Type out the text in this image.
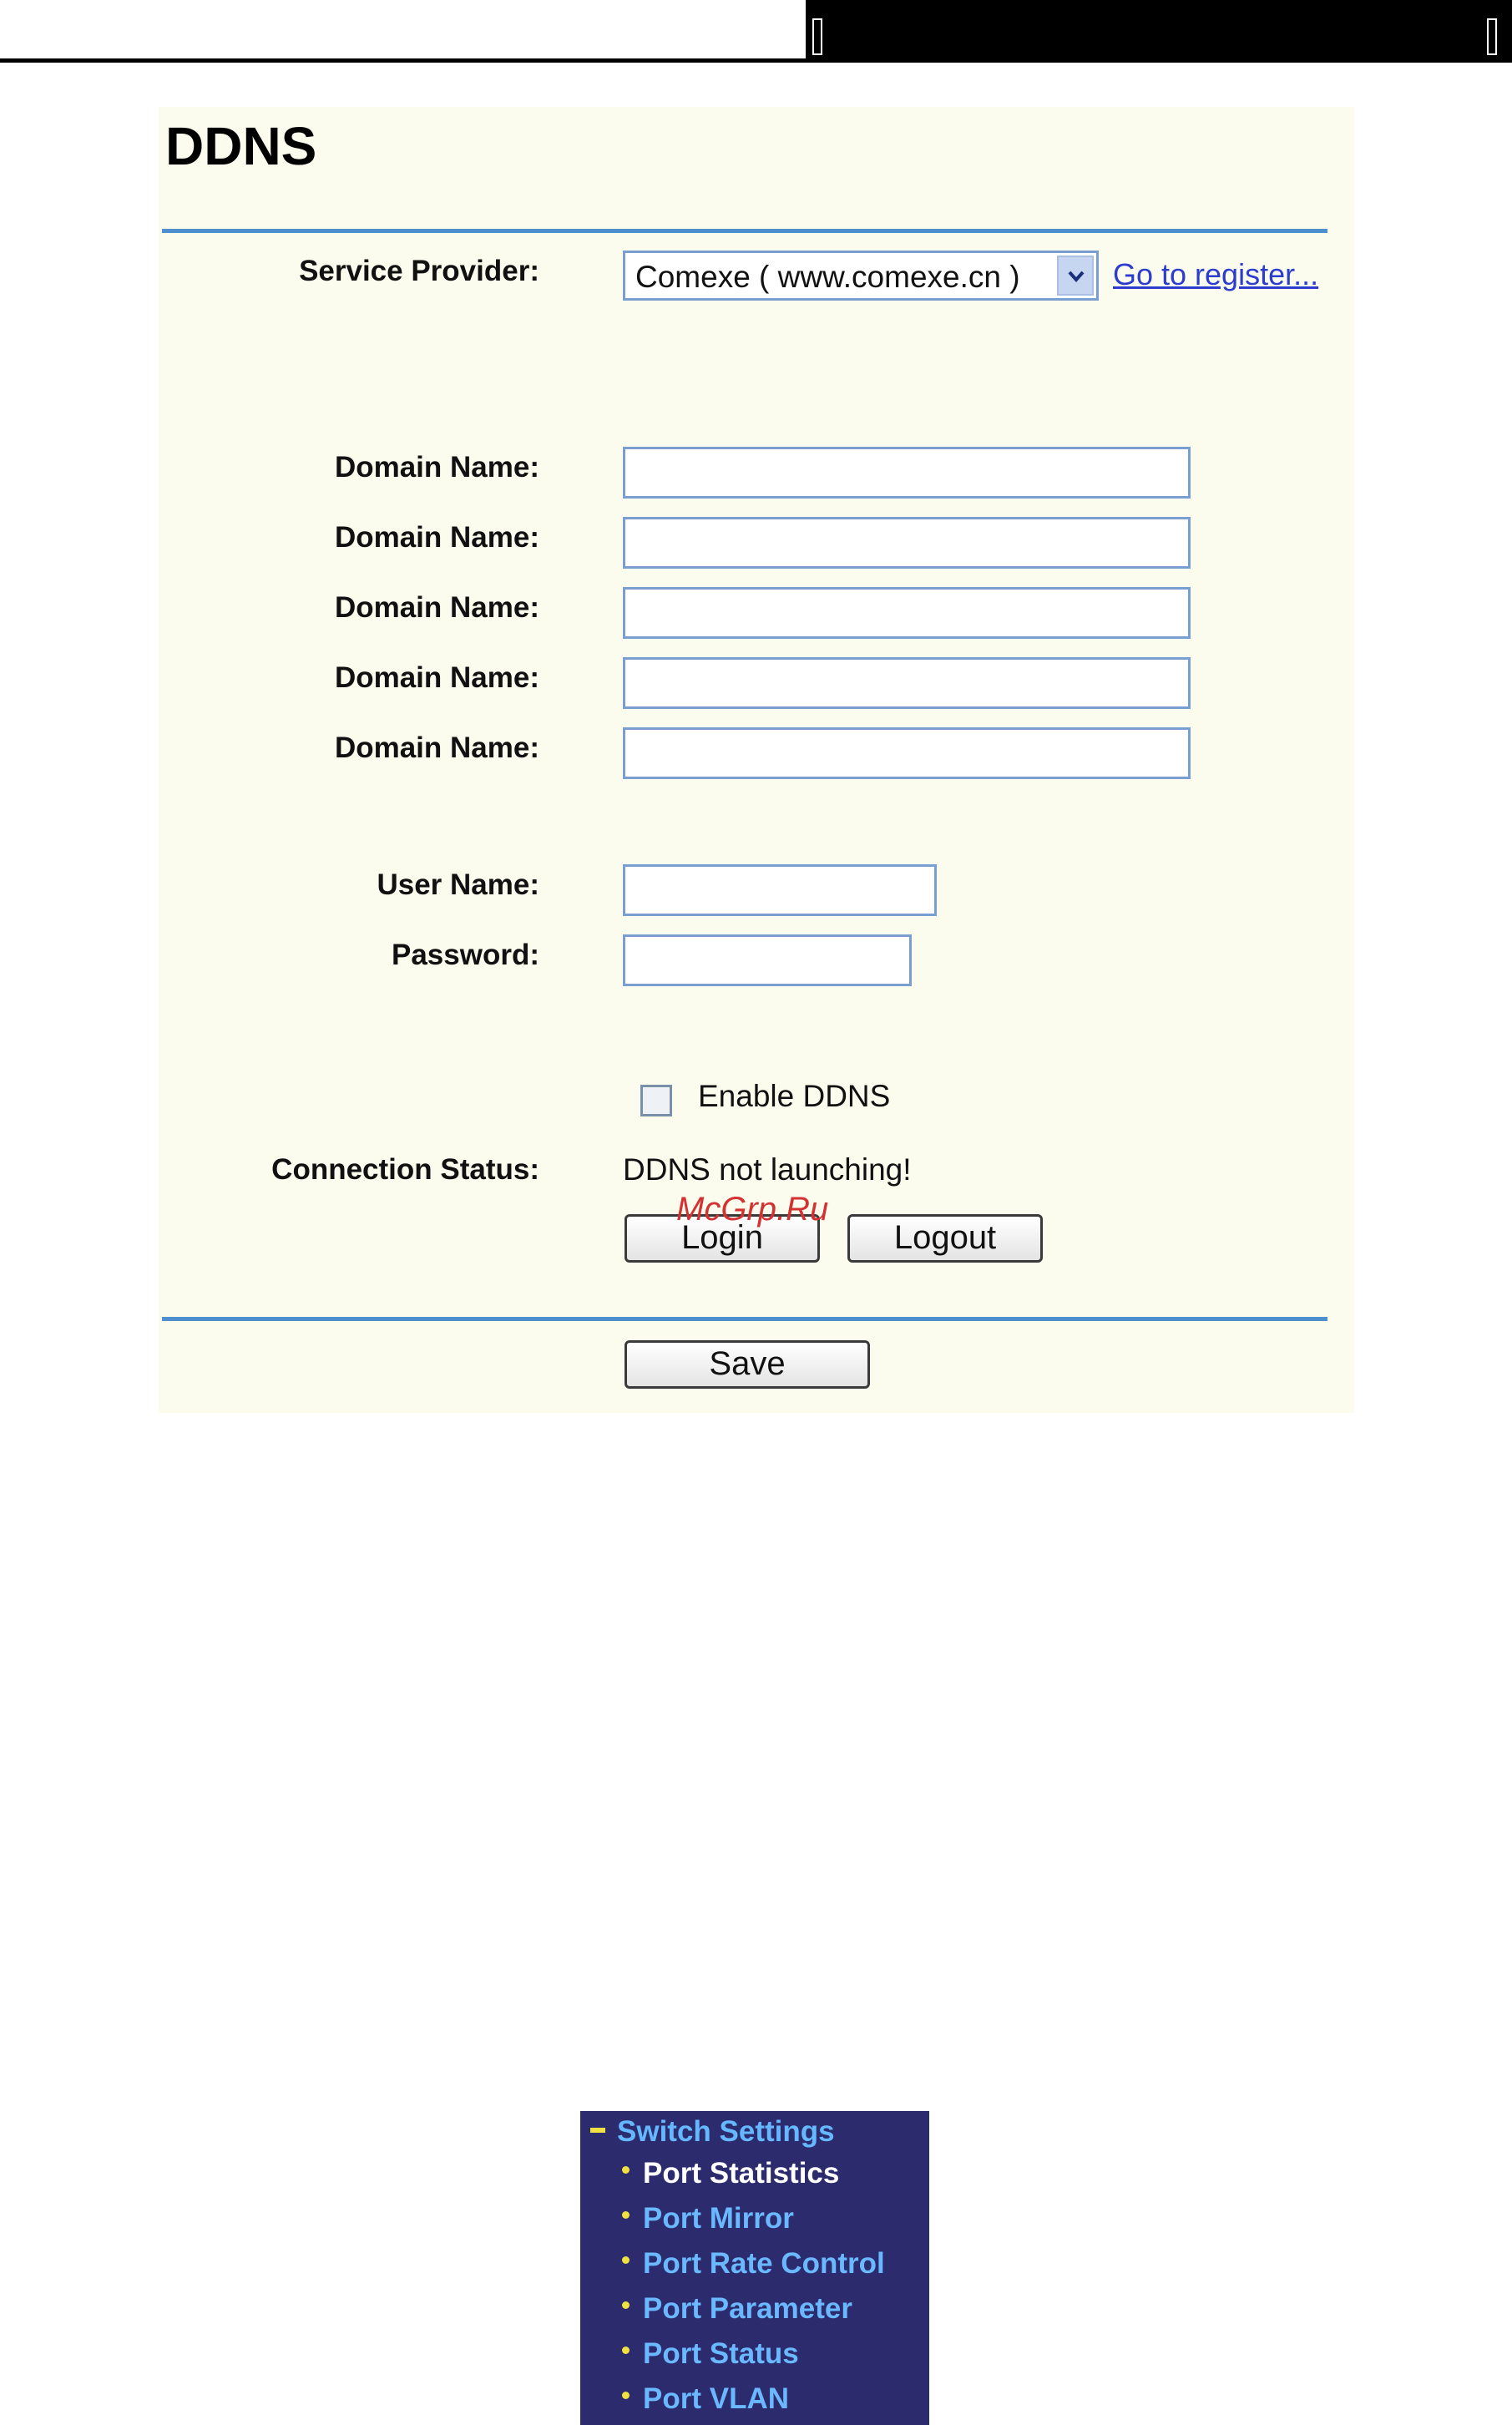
DDNS
Service Provider:	Comexe ( www.comexe.cn )	Go to register...
Domain Name:
Domain Name:
Domain Name:
Domain Name:
Domain Name:
User Name:
Password:
Enable DDNS
Connection Status:	DDNS not launching!
Login	Logout
McGrp.Ru
Save
Switch Settings
Port Statistics
Port Mirror
Port Rate Control
Port Parameter
Port Status
Port VLAN
